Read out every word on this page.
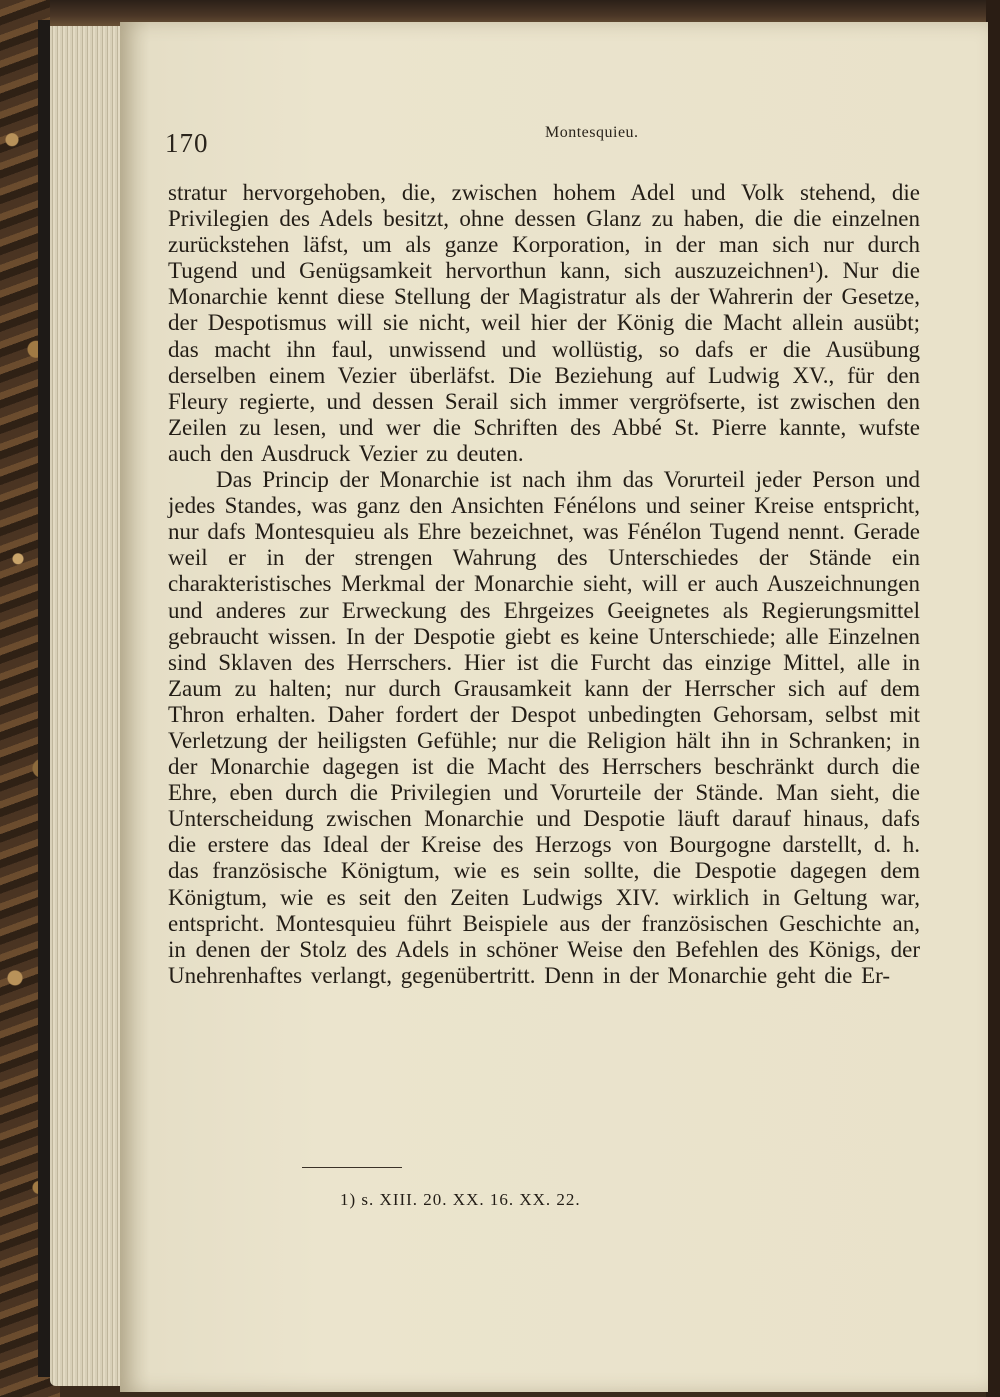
170	Montesquieu.

stratur hervorgehoben, die, zwischen hohem Adel und Volk stehend, die Privilegien des Adels besitzt, ohne dessen Glanz zu haben, die die einzelnen zurückstehen läfst, um als ganze Korporation, in der man sich nur durch Tugend und Genügsamkeit hervorthun kann, sich auszuzeichnen¹). Nur die Monarchie kennt diese Stellung der Magistratur als der Wahrerin der Gesetze, der Despotismus will sie nicht, weil hier der König die Macht allein ausübt; das macht ihn faul, unwissend und wollüstig, so dafs er die Ausübung derselben einem Vezier überläfst. Die Beziehung auf Ludwig XV., für den Fleury regierte, und dessen Serail sich immer vergröfserte, ist zwischen den Zeilen zu lesen, und wer die Schriften des Abbé St. Pierre kannte, wufste auch den Ausdruck Vezier zu deuten.

Das Princip der Monarchie ist nach ihm das Vorurteil jeder Person und jedes Standes, was ganz den Ansichten Fénélons und seiner Kreise entspricht, nur dafs Montesquieu als Ehre bezeichnet, was Fénélon Tugend nennt. Gerade weil er in der strengen Wahrung des Unterschiedes der Stände ein charakteristisches Merkmal der Monarchie sieht, will er auch Auszeichnungen und anderes zur Erweckung des Ehrgeizes Geeignetes als Regierungsmittel gebraucht wissen. In der Despotie giebt es keine Unterschiede; alle Einzelnen sind Sklaven des Herrschers. Hier ist die Furcht das einzige Mittel, alle in Zaum zu halten; nur durch Grausamkeit kann der Herrscher sich auf dem Thron erhalten. Daher fordert der Despot unbedingten Gehorsam, selbst mit Verletzung der heiligsten Gefühle; nur die Religion hält ihn in Schranken; in der Monarchie dagegen ist die Macht des Herrschers beschränkt durch die Ehre, eben durch die Privilegien und Vorurteile der Stände. Man sieht, die Unterscheidung zwischen Monarchie und Despotie läuft darauf hinaus, dafs die erstere das Ideal der Kreise des Herzogs von Bourgogne darstellt, d. h. das französische Königtum, wie es sein sollte, die Despotie dagegen dem Königtum, wie es seit den Zeiten Ludwigs XIV. wirklich in Geltung war, entspricht. Montesquieu führt Beispiele aus der französischen Geschichte an, in denen der Stolz des Adels in schöner Weise den Befehlen des Königs, der Unehrenhaftes verlangt, gegenübertritt. Denn in der Monarchie geht die Er-

1) s. XIII. 20. XX. 16. XX. 22.
